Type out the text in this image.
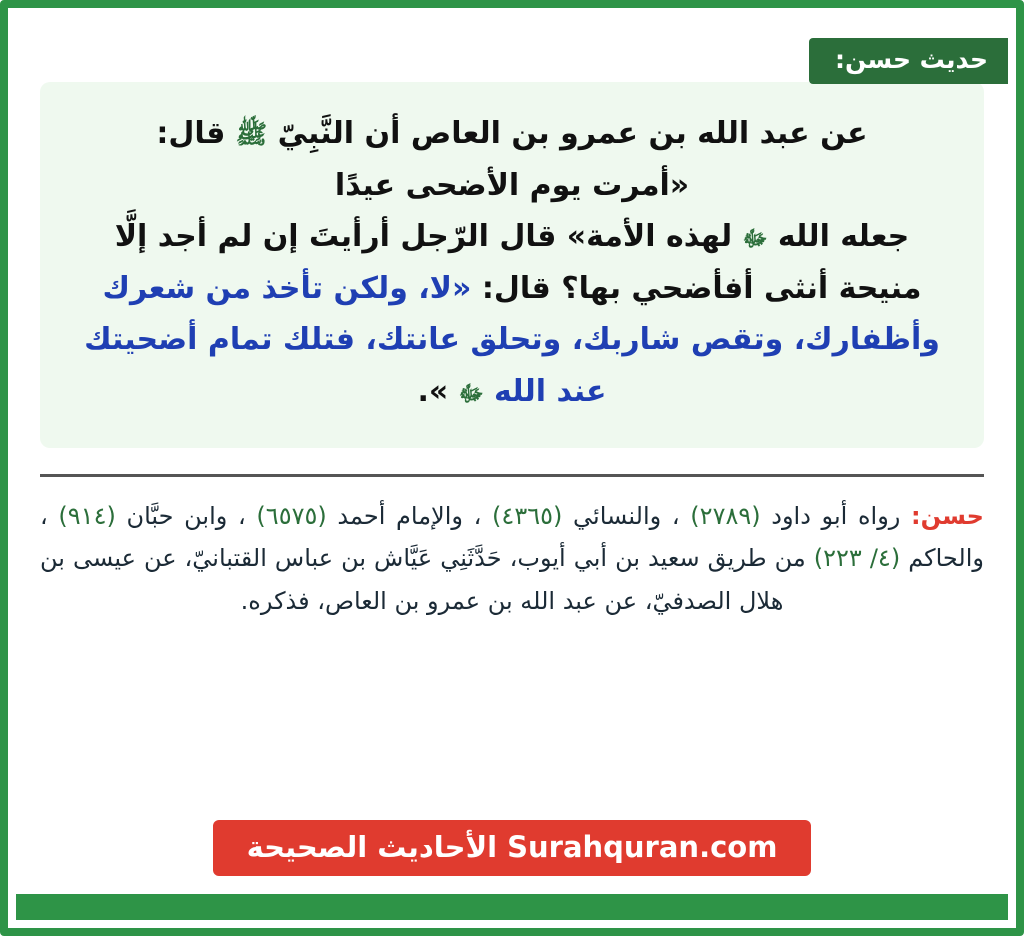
حديث حسن:
عن عبد الله بن عمرو بن العاص أن النَّبِيّ ﷺ قال:
«أمرت يوم الأضحى عيدًا
جعله الله ﷻ لهذه الأمة» قال الرّجل أرأيتَ إن لم أجد إلَّا منيحة أنثى أفأضحي بها؟ قال: «لا، ولكن تأخذ من شعرك وأظفارك، وتقص شاربك، وتحلق عانتك، فتلك تمام أضحيتك عند الله ﷻ ».
حسن: رواه أبو داود (٢٧٨٩) ، والنسائي (٤٣٦٥) ، والإمام أحمد (٦٥٧٥) ، وابن حبَّان (٩١٤) ، والحاكم (٤/ ٢٢٣) من طريق سعيد بن أبي أيوب، حَدَّثَنِي عَيَّاش بن عباس القتبانيّ، عن عيسى بن هلال الصدفيّ، عن عبد الله بن عمرو بن العاص، فذكره.
Surahquran.com
الأحاديث الصحيحة
